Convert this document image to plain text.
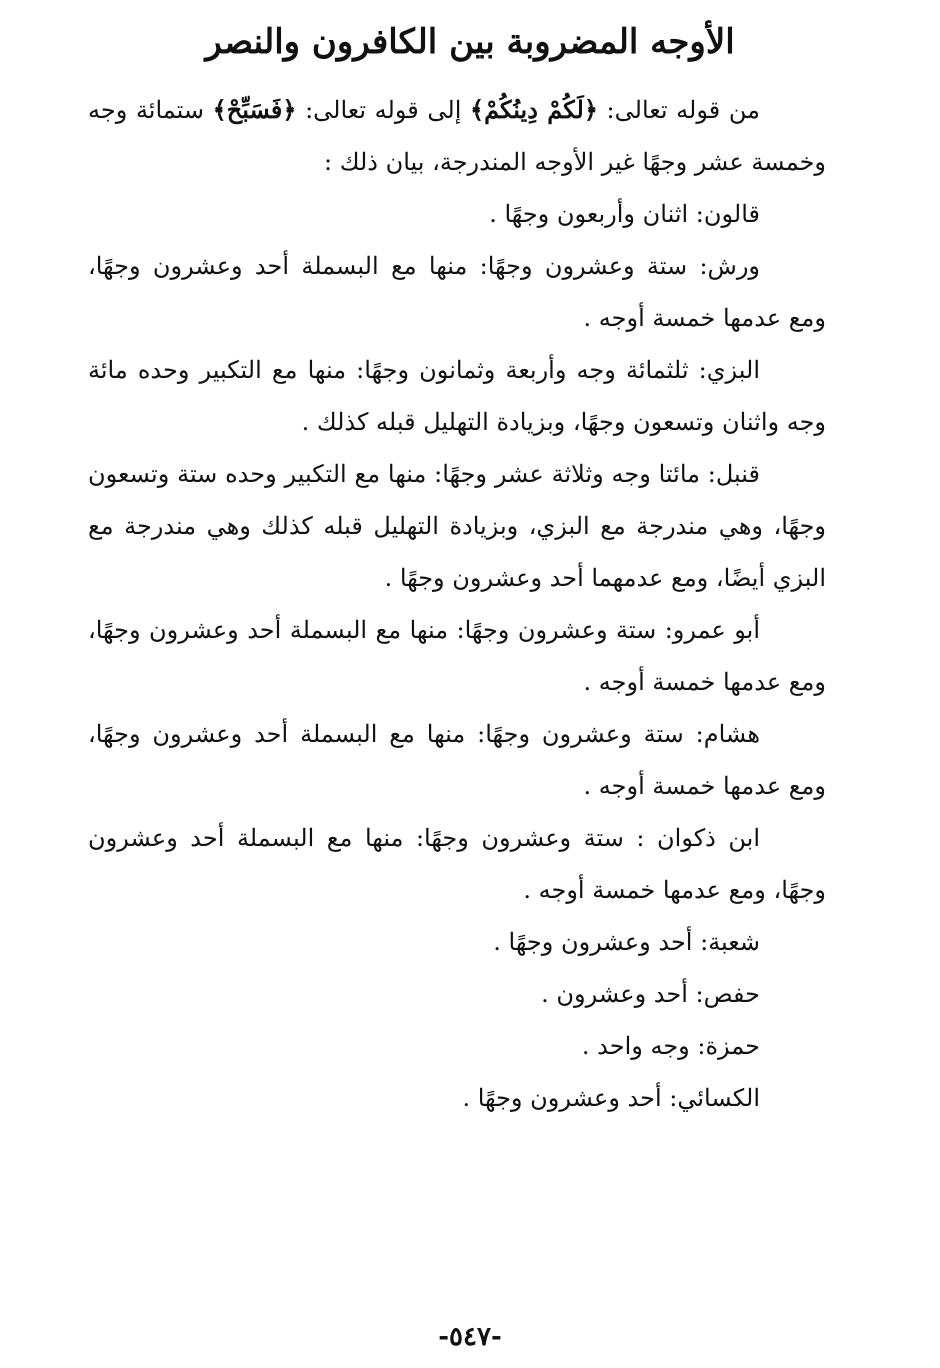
الأوجه المضروبة بين الكافرون والنصر

من قوله تعالى: ﴿لَكُمْ دِينُكُمْ﴾ إلى قوله تعالى: ﴿فَسَبِّحْ﴾ ستمائة وجه وخمسة عشر وجهًا غير الأوجه المندرجة، بيان ذلك :

قالون: اثنان وأربعون وجهًا .

ورش: ستة وعشرون وجهًا: منها مع البسملة أحد وعشرون وجهًا، ومع عدمها خمسة أوجه .

البزي: ثلثمائة وجه وأربعة وثمانون وجهًا: منها مع التكبير وحده مائة وجه واثنان وتسعون وجهًا، وبزيادة التهليل قبله كذلك .

قنبل: مائتا وجه وثلاثة عشر وجهًا: منها مع التكبير وحده ستة وتسعون وجهًا، وهي مندرجة مع البزي، وبزيادة التهليل قبله كذلك وهي مندرجة مع البزي أيضًا، ومع عدمهما أحد وعشرون وجهًا .

أبو عمرو: ستة وعشرون وجهًا: منها مع البسملة أحد وعشرون وجهًا، ومع عدمها خمسة أوجه .

هشام: ستة وعشرون وجهًا: منها مع البسملة أحد وعشرون وجهًا، ومع عدمها خمسة أوجه .

ابن ذكوان : ستة وعشرون وجهًا: منها مع البسملة أحد وعشرون وجهًا، ومع عدمها خمسة أوجه .

شعبة: أحد وعشرون وجهًا .

حفص: أحد وعشرون .

حمزة: وجه واحد .

الكسائي: أحد وعشرون وجهًا .

-٥٤٧-
